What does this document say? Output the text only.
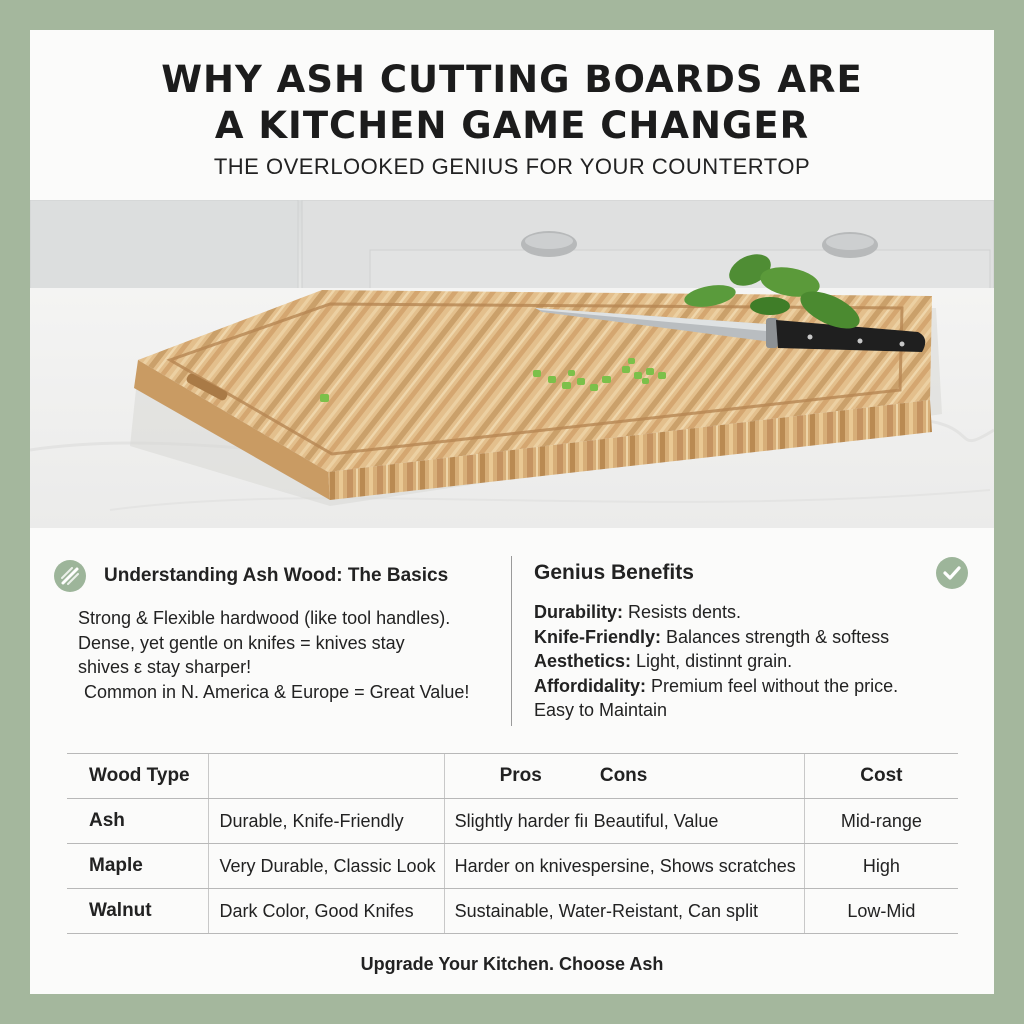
WHY ASH CUTTING BOARDS ARE
A KITCHEN GAME CHANGER
THE OVERLOOKED GENIUS FOR YOUR COUNTERTOP
Understanding Ash Wood: The Basics
Strong & Flexible hardwood (like tool handles).
Dense, yet gentle on knifes = knives stay
shives ε stay sharper!
Common in N. America & Europe = Great Value!
Genius Benefits
Durability: Resists dents.
Knife-Friendly: Balances strength & softess
Aesthetics: Light, distinnt grain.
Affordidality: Premium feel without the price.
Easy to Maintain
Wood Type		Pros Cons	Cost
Ash	Durable, Knife-Friendly	Slightly harder fiı Beautiful, Value	Mid-range
Maple	Very Durable, Classic Look	Harder on knivespersine, Shows scratches	High
Walnut	Dark Color, Good Knifes	Sustainable, Water-Reistant, Can split	Low-Mid
Upgrade Your Kitchen. Choose Ash
